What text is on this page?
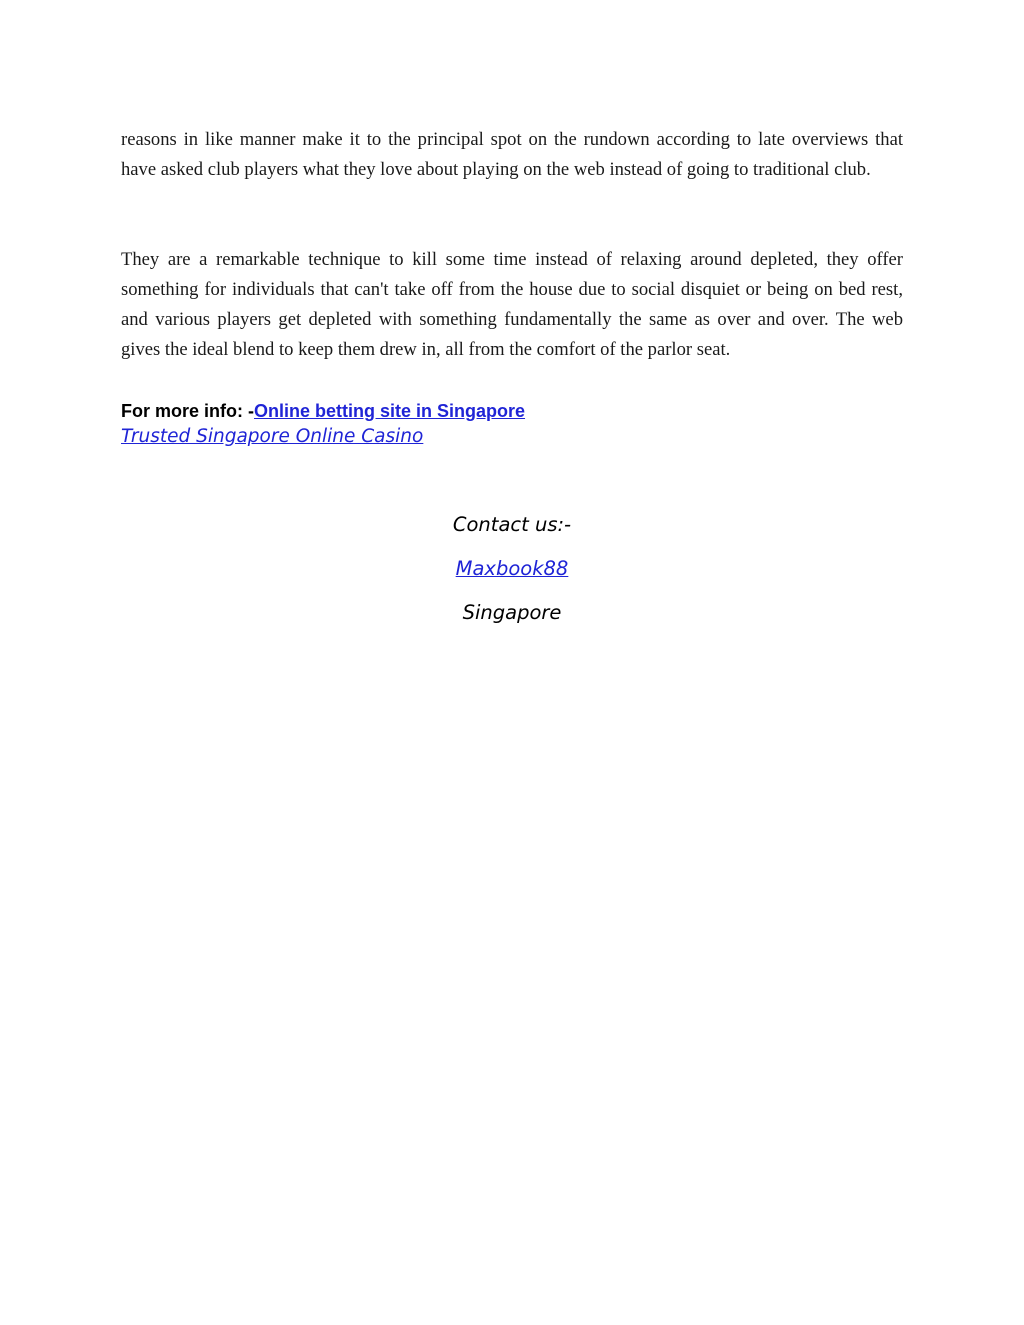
reasons in like manner make it to the principal spot on the rundown according to late overviews that have asked club players what they love about playing on the web instead of going to traditional club.

They are a remarkable technique to kill some time instead of relaxing around depleted, they offer something for individuals that can't take off from the house due to social disquiet or being on bed rest, and various players get depleted with something fundamentally the same as over and over. The web gives the ideal blend to keep them drew in, all from the comfort of the parlor seat.

For more info: -Online betting site in Singapore
Trusted Singapore Online Casino
Contact us:-
Maxbook88
Singapore
